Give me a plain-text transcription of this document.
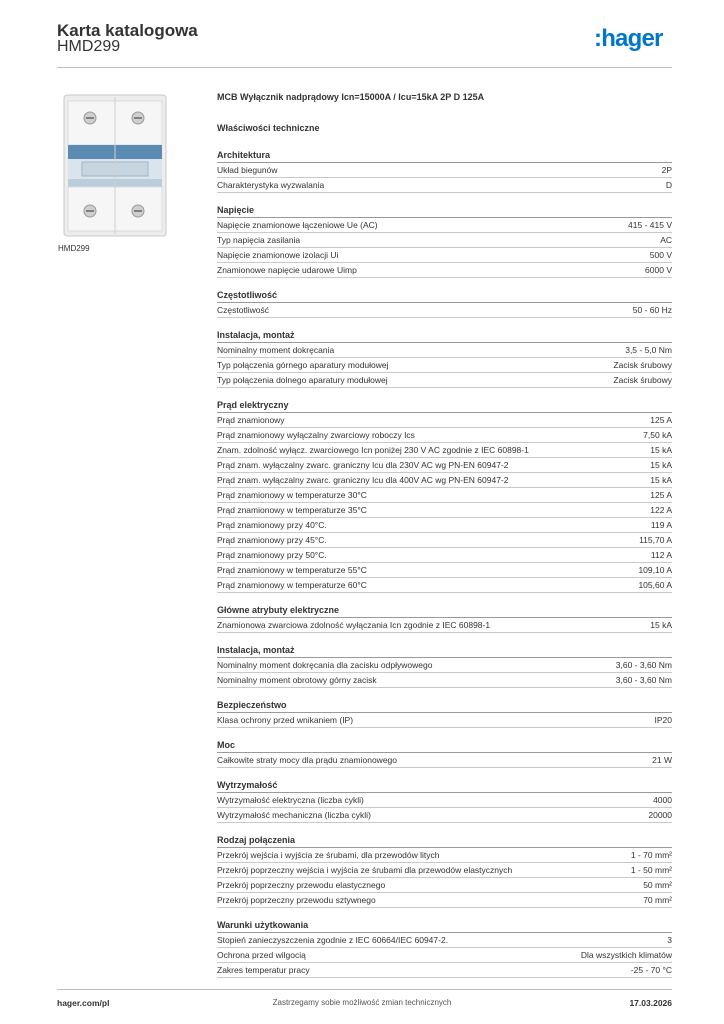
Karta katalogowa
HMD299	:hager
HMD299
MCB Wyłącznik nadprądowy Icn=15000A / Icu=15kA 2P D 125A
Właściwości techniczne
Architektura
Układ biegunów	2P
Charakterystyka wyzwalania	D
Napięcie
Napięcie znamionowe łączeniowe Ue (AC)	415 - 415 V
Typ napięcia zasilania	AC
Napięcie znamionowe izolacji Ui	500 V
Znamionowe napięcie udarowe Uimp	6000 V
Częstotliwość
Częstotliwość	50 - 60 Hz
Instalacja, montaż
Nominalny moment dokręcania	3,5 - 5,0 Nm
Typ połączenia górnego aparatury modułowej	Zacisk śrubowy
Typ połączenia dolnego aparatury modułowej	Zacisk śrubowy
Prąd elektryczny
Prąd znamionowy	125 A
Prąd znamionowy wyłączalny zwarciowy roboczy Ics	7,50 kA
Znam. zdolność wyłącz. zwarciowego Icn poniżej 230 V AC zgodnie z IEC 60898-1	15 kA
Prąd znam. wyłączalny zwarc. graniczny Icu dla 230V AC wg PN-EN 60947-2	15 kA
Prąd znam. wyłączalny zwarc. graniczny Icu dla 400V AC wg PN-EN 60947-2	15 kA
Prąd znamionowy w temperaturze 30°C	125 A
Prąd znamionowy w temperaturze 35°C	122 A
Prąd znamionowy przy 40°C.	119 A
Prąd znamionowy przy 45°C.	115,70 A
Prąd znamionowy przy 50°C.	112 A
Prąd znamionowy w temperaturze 55°C	109,10 A
Prąd znamionowy w temperaturze 60°C	105,60 A
Główne atrybuty elektryczne
Znamionowa zwarciowa zdolność wyłączania Icn zgodnie z IEC 60898-1	15 kA
Instalacja, montaż
Nominalny moment dokręcania dla zacisku odpływowego	3,60 - 3,60 Nm
Nominalny moment obrotowy górny zacisk	3,60 - 3,60 Nm
Bezpieczeństwo
Klasa ochrony przed wnikaniem (IP)	IP20
Moc
Całkowite straty mocy dla prądu znamionowego	21 W
Wytrzymałość
Wytrzymałość elektryczna (liczba cykli)	4000
Wytrzymałość mechaniczna (liczba cykli)	20000
Rodzaj połączenia
Przekrój wejścia i wyjścia ze śrubami, dla przewodów litych	1 - 70 mm²
Przekrój poprzeczny wejścia i wyjścia ze śrubami dla przewodów elastycznych	1 - 50 mm²
Przekrój poprzeczny przewodu elastycznego	50 mm²
Przekrój poprzeczny przewodu sztywnego	70 mm²
Warunki użytkowania
Stopień zanieczyszczenia zgodnie z IEC 60664/IEC 60947-2.	3
Ochrona przed wilgocią	Dla wszystkich klimatów
Zakres temperatur pracy	-25 - 70 °C
hager.com/pl	Zastrzegamy sobie możliwość zmian technicznych	17.03.2026
